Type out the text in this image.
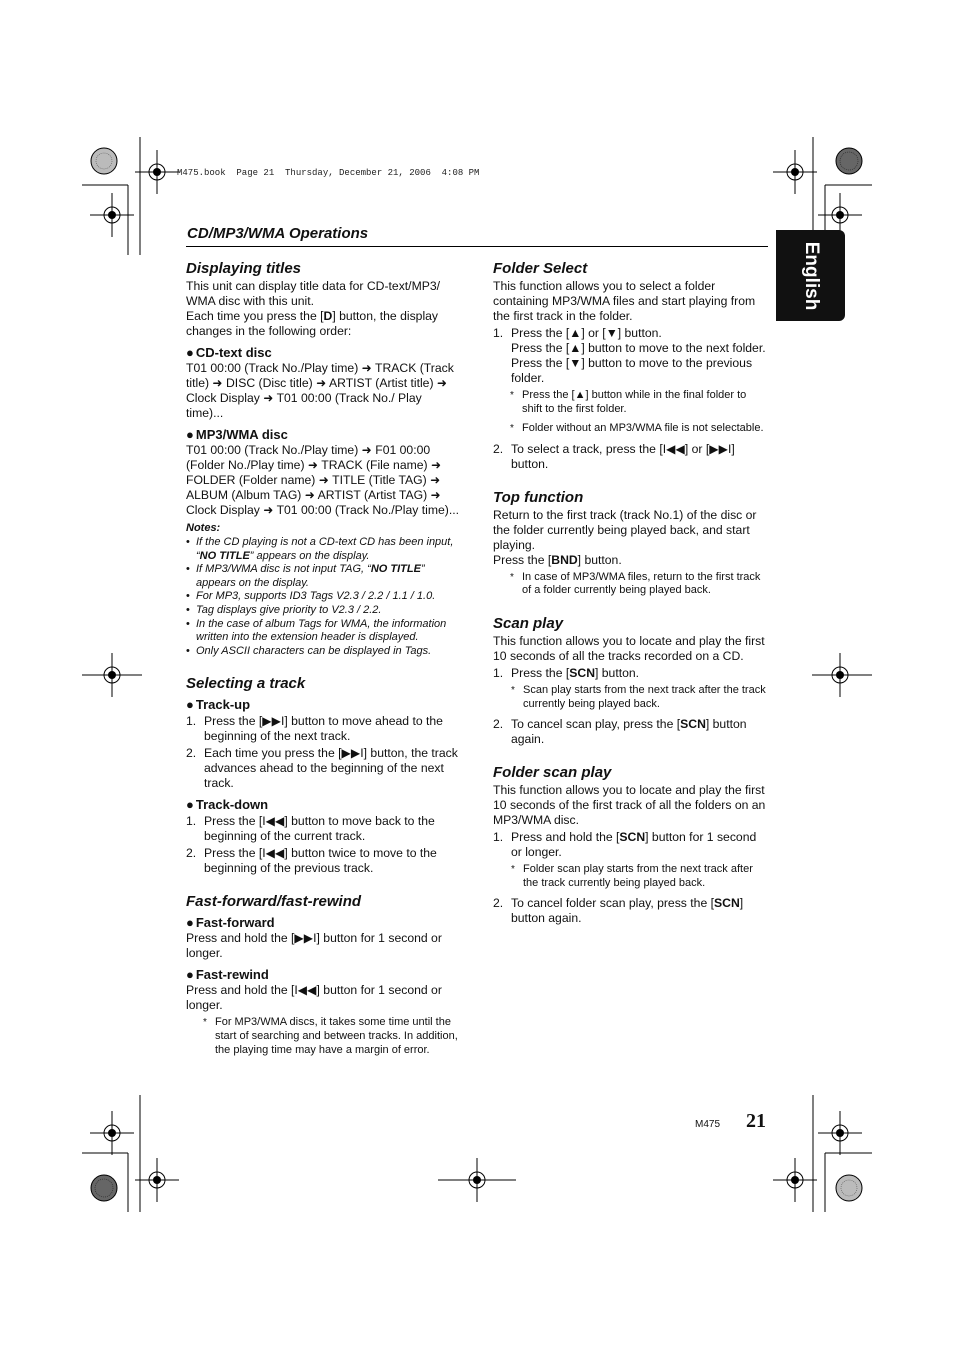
M475.book  Page 21  Thursday, December 21, 2006  4:08 PM
CD/MP3/WMA Operations
English
Displaying titles

This unit can display title data for CD-text/MP3/ WMA disc with this unit.

Each time you press the [D] button, the display changes in the following order:

● CD-text disc

T01 00:00 (Track No./Play time) ➜ TRACK (Track title) ➜ DISC (Disc title) ➜ ARTIST (Artist title) ➜ Clock Display ➜ T01 00:00 (Track No./ Play time)...

● MP3/WMA disc

T01 00:00 (Track No./Play time) ➜ F01 00:00 (Folder No./Play time) ➜ TRACK (File name) ➜ FOLDER (Folder name) ➜ TITLE (Title TAG) ➜ ALBUM (Album TAG) ➜ ARTIST (Artist TAG) ➜ Clock Display ➜ T01 00:00 (Track No./Play time)...

Notes:
• If the CD playing is not a CD-text CD has been input, “NO TITLE” appears on the display.
• If MP3/WMA disc is not input TAG, “NO TITLE” appears on the display.
• For MP3, supports ID3 Tags V2.3 / 2.2 / 1.1 / 1.0.
• Tag displays give priority to V2.3 / 2.2.
• In the case of album Tags for WMA, the information written into the extension header is displayed.
• Only ASCII characters can be displayed in Tags.
Selecting a track
● Track-up
1. Press the [▶▶I] button to move ahead to the beginning of the next track.
2. Each time you press the [▶▶I] button, the track advances ahead to the beginning of the next track.
● Track-down
1. Press the [I◀◀] button to move back to the beginning of the current track.
2. Press the [I◀◀] button twice to move to the beginning of the previous track.
Fast-forward/fast-rewind
● Fast-forward

Press and hold the [▶▶I] button for 1 second or longer.

● Fast-rewind

Press and hold the [I◀◀] button for 1 second or longer.

* For MP3/WMA discs, it takes some time until the start of searching and between tracks. In addition, the playing time may have a margin of error.
Folder Select

This function allows you to select a folder containing MP3/WMA files and start playing from the first track in the folder.

1. Press the [▲] or [▼] button.
Press the [▲] button to move to the next folder.
Press the [▼] button to move to the previous folder.
* Press the [▲] button while in the final folder to shift to the first folder.
* Folder without an MP3/WMA file is not selectable.
2. To select a track, press the [I◀◀] or [▶▶I] button.
Top function

Return to the first track (track No.1) of the disc or the folder currently being played back, and start playing.

Press the [BND] button.

* In case of MP3/WMA files, return to the first track of a folder currently being played back.
Scan play

This function allows you to locate and play the first 10 seconds of all the tracks recorded on a CD.

1. Press the [SCN] button.
* Scan play starts from the next track after the track currently being played back.
2. To cancel scan play, press the [SCN] button again.
Folder scan play

This function allows you to locate and play the first 10 seconds of the first track of all the folders on an MP3/WMA disc.

1. Press and hold the [SCN] button for 1 second or longer.
* Folder scan play starts from the next track after the track currently being played back.
2. To cancel folder scan play, press the [SCN] button again.
M475 21
